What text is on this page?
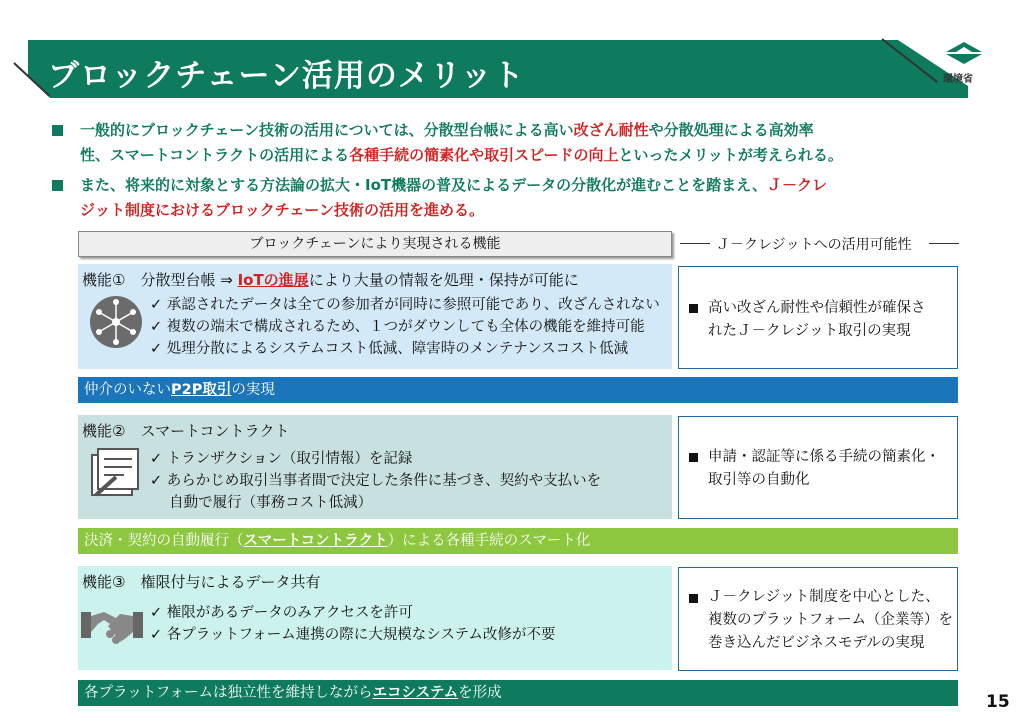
ブロックチェーン活用のメリット	環境省
一般的にブロックチェーン技術の活用については、分散型台帳による高い改ざん耐性や分散処理による高効率
性、スマートコントラクトの活用による各種手続の簡素化や取引スピードの向上といったメリットが考えられる。
また、将来的に対象とする方法論の拡大・IoT機器の普及によるデータの分散化が進むことを踏まえ、Ｊ－クレ
ジット制度におけるブロックチェーン技術の活用を進める。
ブロックチェーンにより実現される機能	Ｊ－クレジットへの活用可能性
機能①　分散型台帳 ⇒ IoTの進展により大量の情報を処理・保持が可能に
✓ 承認されたデータは全ての参加者が同時に参照可能であり、改ざんされない
✓ 複数の端末で構成されるため、１つがダウンしても全体の機能を維持可能
✓ 処理分散によるシステムコスト低減、障害時のメンテナンスコスト低減
高い改ざん耐性や信頼性が確保さ
れたＪ－クレジット取引の実現
仲介のいないP2P取引の実現
機能②　スマートコントラクト
✓ トランザクション（取引情報）を記録
✓ あらかじめ取引当事者間で決定した条件に基づき、契約や支払いを
　 自動で履行（事務コスト低減）
申請・認証等に係る手続の簡素化・
取引等の自動化
決済・契約の自動履行（スマートコントラクト）による各種手続のスマート化
機能③　権限付与によるデータ共有
✓ 権限があるデータのみアクセスを許可
✓ 各プラットフォーム連携の際に大規模なシステム改修が不要
Ｊ－クレジット制度を中心とした、
複数のプラットフォーム（企業等）を
巻き込んだビジネスモデルの実現
各プラットフォームは独立性を維持しながらエコシステムを形成	15
